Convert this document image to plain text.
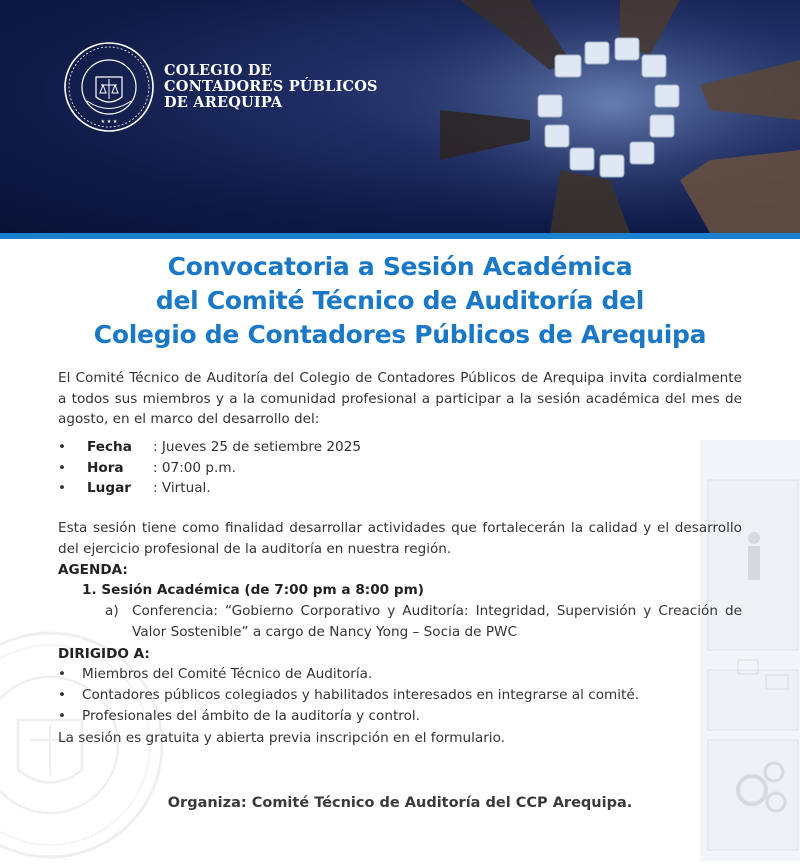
★ ★ ★
COLEGIO DE
CONTADORES PÚBLICOS
DE AREQUIPA
Convocatoria a Sesión Académica
del Comité Técnico de Auditoría del
Colegio de Contadores Públicos de Arequipa
El Comité Técnico de Auditoría del Colegio de Contadores Públicos de Arequipa invita cordialmente a todos sus miembros y a la comunidad profesional a participar a la sesión académica del mes de agosto, en el marco del desarrollo del:
• Fecha : Jueves 25 de setiembre 2025
• Hora : 07:00 p.m.
• Lugar : Virtual.
Esta sesión tiene como finalidad desarrollar actividades que fortalecerán la calidad y el desarrollo del ejercicio profesional de la auditoría en nuestra región.
AGENDA:
1. Sesión Académica (de 7:00 pm a 8:00 pm)
a) Conferencia: “Gobierno Corporativo y Auditoría: Integridad, Supervisión y Creación de Valor Sostenible” a cargo de Nancy Yong – Socia de PWC
DIRIGIDO A:
• Miembros del Comité Técnico de Auditoría.
• Contadores públicos colegiados y habilitados interesados en integrarse al comité.
• Profesionales del ámbito de la auditoría y control.
La sesión es gratuita y abierta previa inscripción en el formulario.
Organiza: Comité Técnico de Auditoría del CCP Arequipa.
